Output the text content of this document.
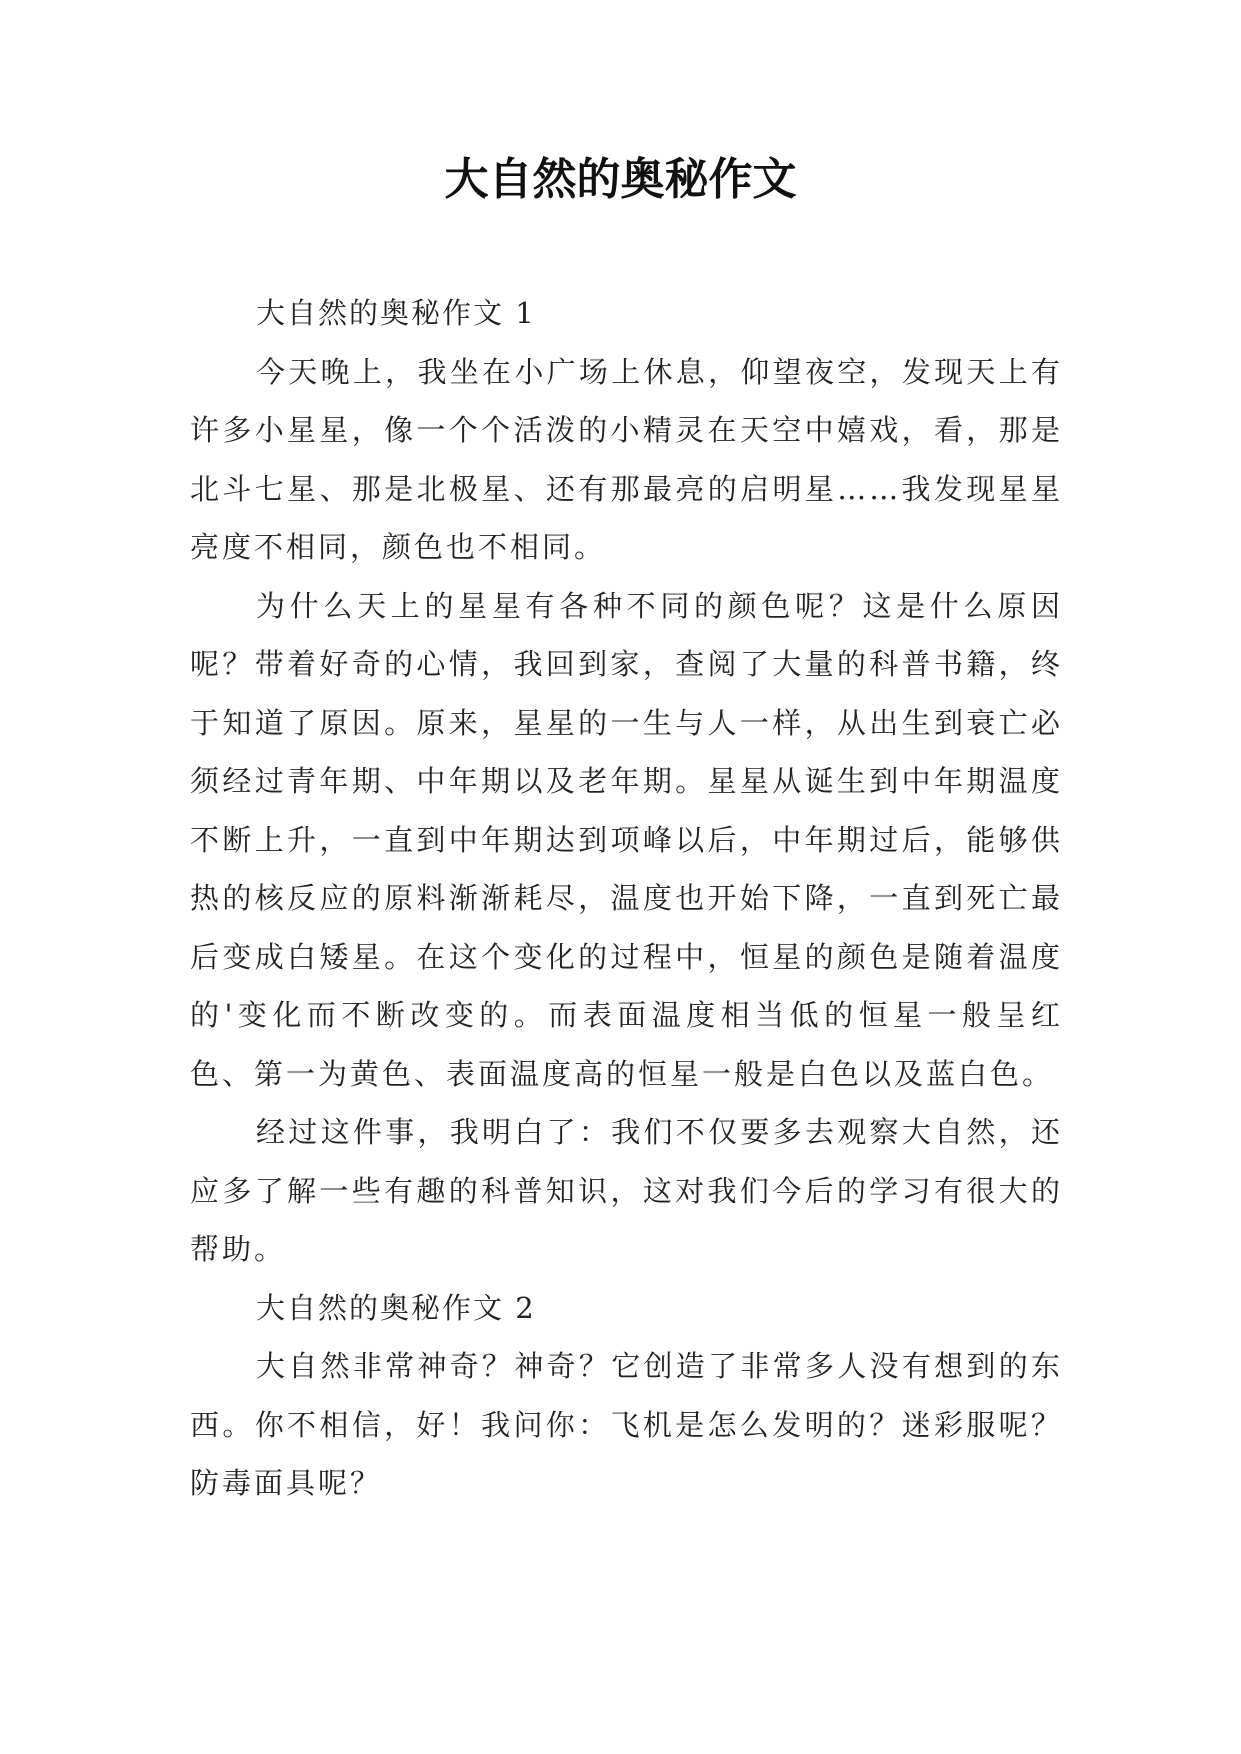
大自然的奥秘作文

大自然的奥秘作文 1

今天晚上，我坐在小广场上休息，仰望夜空，发现天上有许多小星星，像一个个活泼的小精灵在天空中嬉戏，看，那是北斗七星、那是北极星、还有那最亮的启明星……我发现星星亮度不相同，颜色也不相同。

为什么天上的星星有各种不同的颜色呢？这是什么原因呢？带着好奇的心情，我回到家，查阅了大量的科普书籍，终于知道了原因。原来，星星的一生与人一样，从出生到衰亡必须经过青年期、中年期以及老年期。星星从诞生到中年期温度不断上升，一直到中年期达到项峰以后，中年期过后，能够供热的核反应的原料渐渐耗尽，温度也开始下降，一直到死亡最后变成白矮星。在这个变化的过程中，恒星的颜色是随着温度的'变化而不断改变的。而表面温度相当低的恒星一般呈红色、第一为黄色、表面温度高的恒星一般是白色以及蓝白色。

经过这件事，我明白了：我们不仅要多去观察大自然，还应多了解一些有趣的科普知识，这对我们今后的学习有很大的帮助。

大自然的奥秘作文 2

大自然非常神奇？神奇？它创造了非常多人没有想到的东西。你不相信，好！我问你：飞机是怎么发明的？迷彩服呢？防毒面具呢？
